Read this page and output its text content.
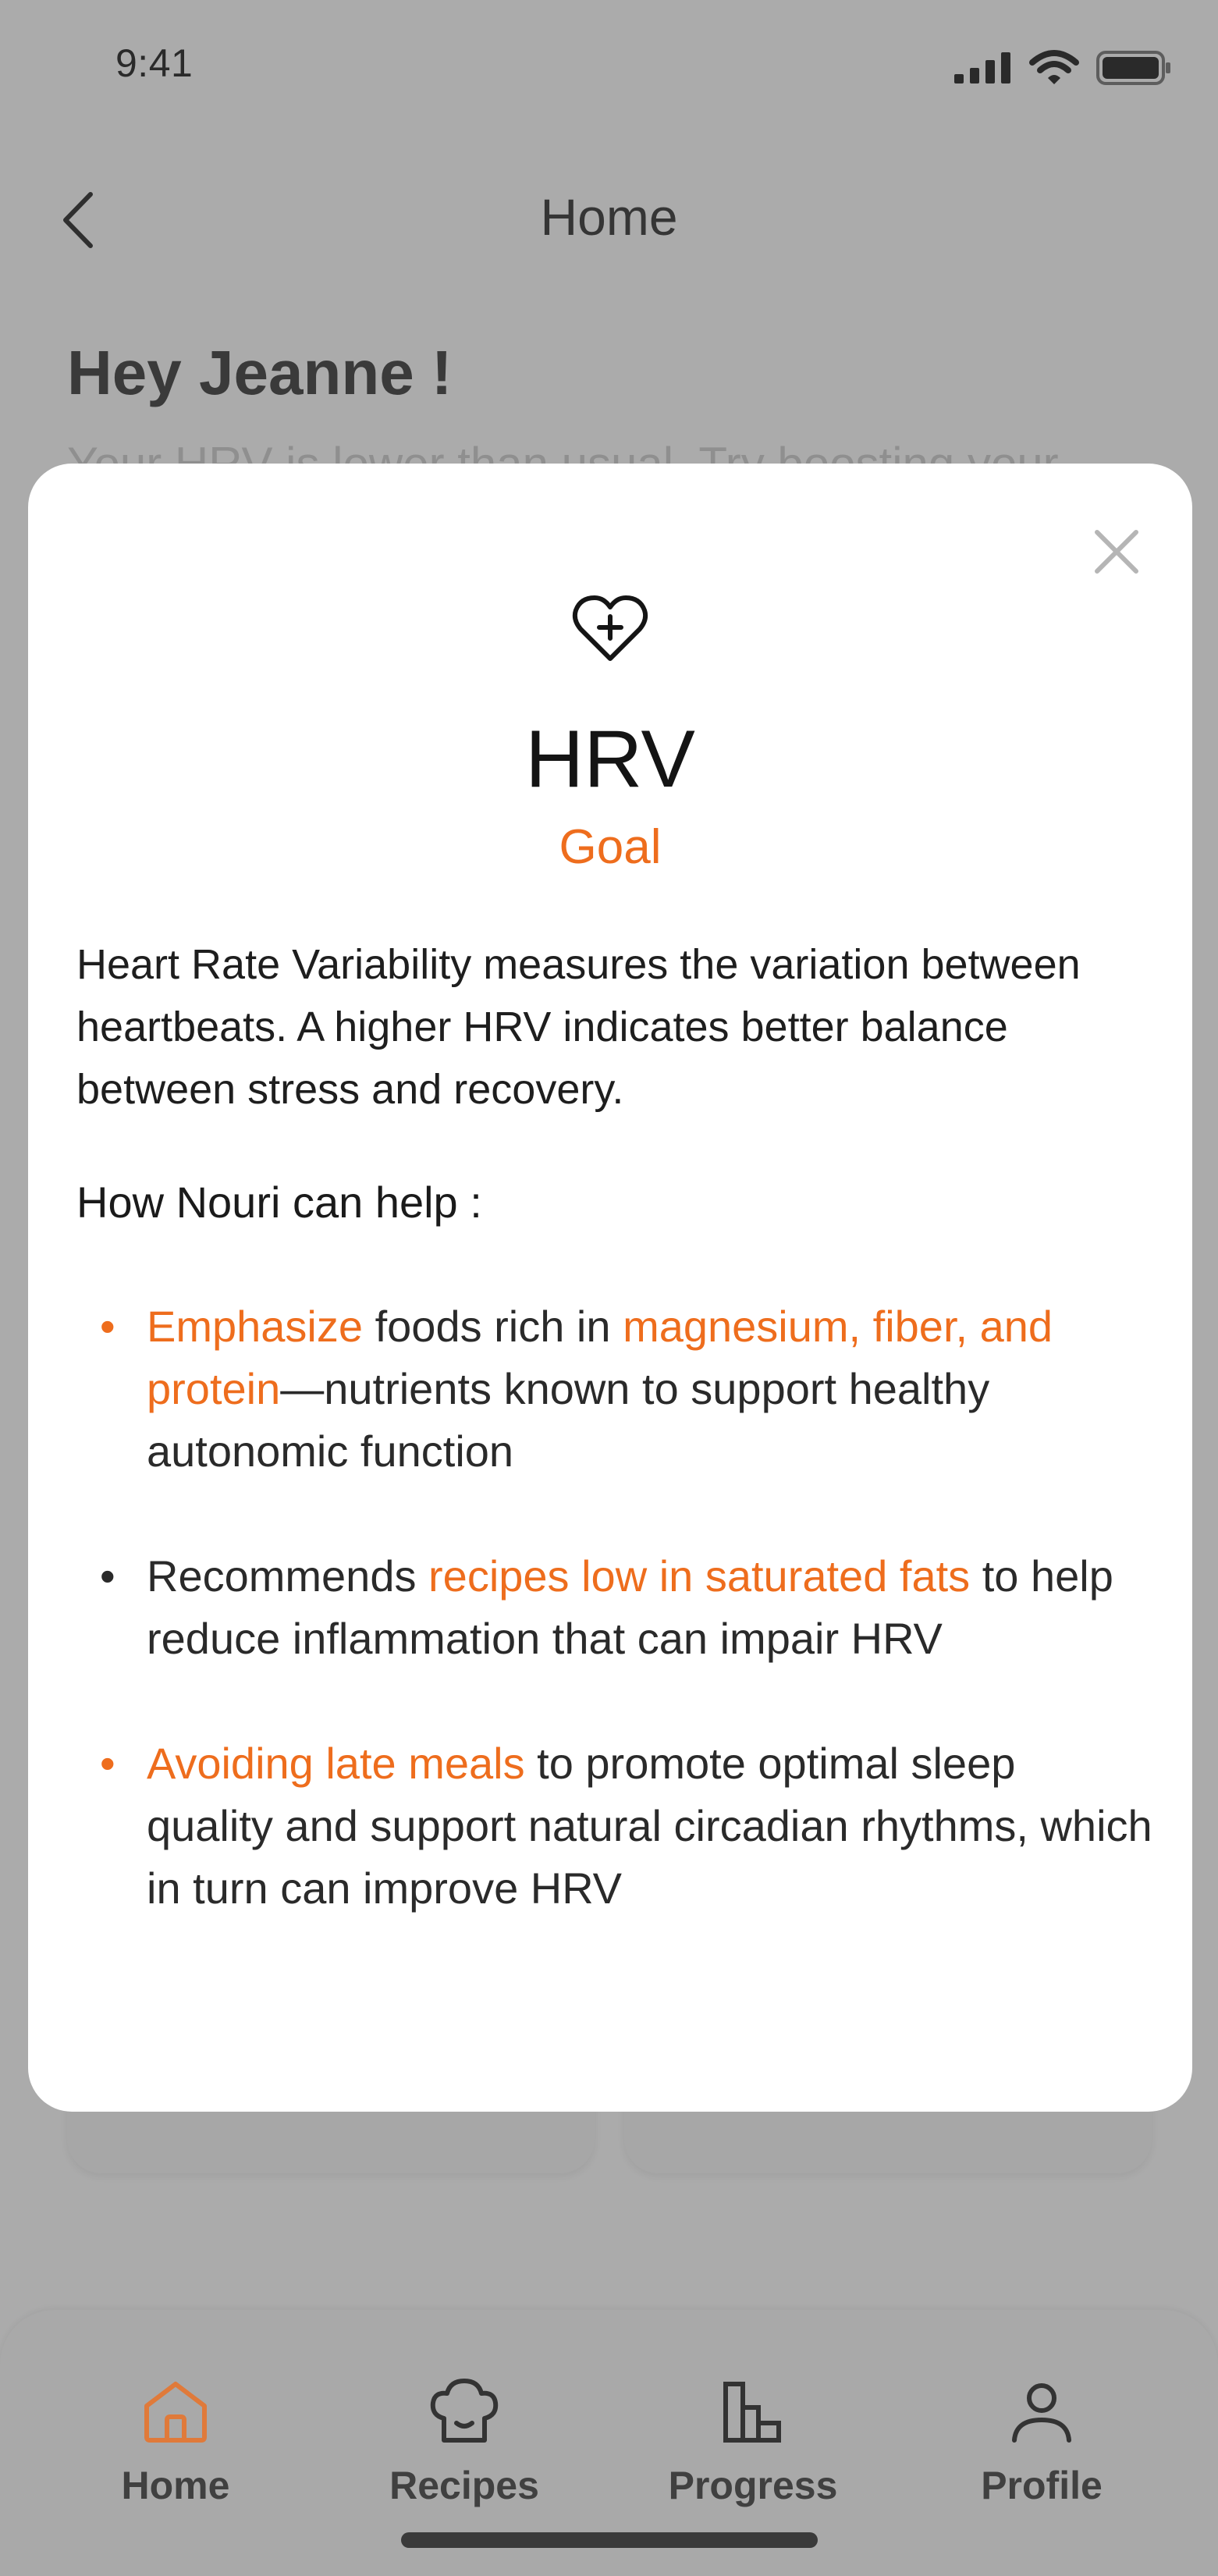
9:41
Home
Hey Jeanne !
Home	Recipes	Progress	Profile
HRV
Goal
Heart Rate Variability measures the variation between heartbeats. A higher HRV indicates better balance between stress and recovery.
How Nouri can help :
• Emphasize foods rich in magnesium, fiber, and protein—nutrients known to support healthy autonomic function
• Recommends recipes low in saturated fats to help reduce inflammation that can impair HRV
• Avoiding late meals to promote optimal sleep quality and support natural circadian rhythms, which in turn can improve HRV
